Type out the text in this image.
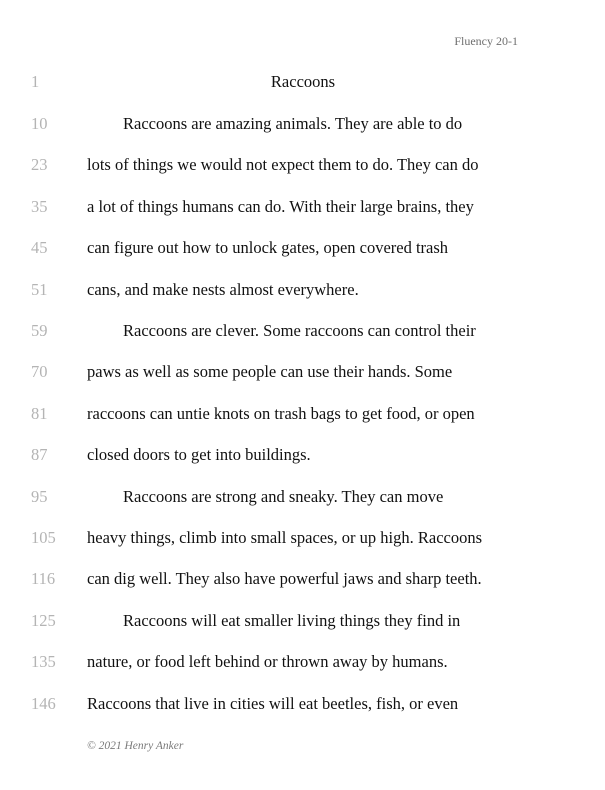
Fluency 20-1
1	Raccoons
10	Raccoons are amazing animals. They are able to do
23 lots of things we would not expect them to do. They can do
35 a lot of things humans can do. With their large brains, they
45 can figure out how to unlock gates, open covered trash
51 cans, and make nests almost everywhere.
59	Raccoons are clever. Some raccoons can control their
70 paws as well as some people can use their hands. Some
81 raccoons can untie knots on trash bags to get food, or open
87 closed doors to get into buildings.
95	Raccoons are strong and sneaky. They can move
105 heavy things, climb into small spaces, or up high. Raccoons
116 can dig well. They also have powerful jaws and sharp teeth.
125	Raccoons will eat smaller living things they find in
135 nature, or food left behind or thrown away by humans.
146 Raccoons that live in cities will eat beetles, fish, or even
© 2021 Henry Anker
